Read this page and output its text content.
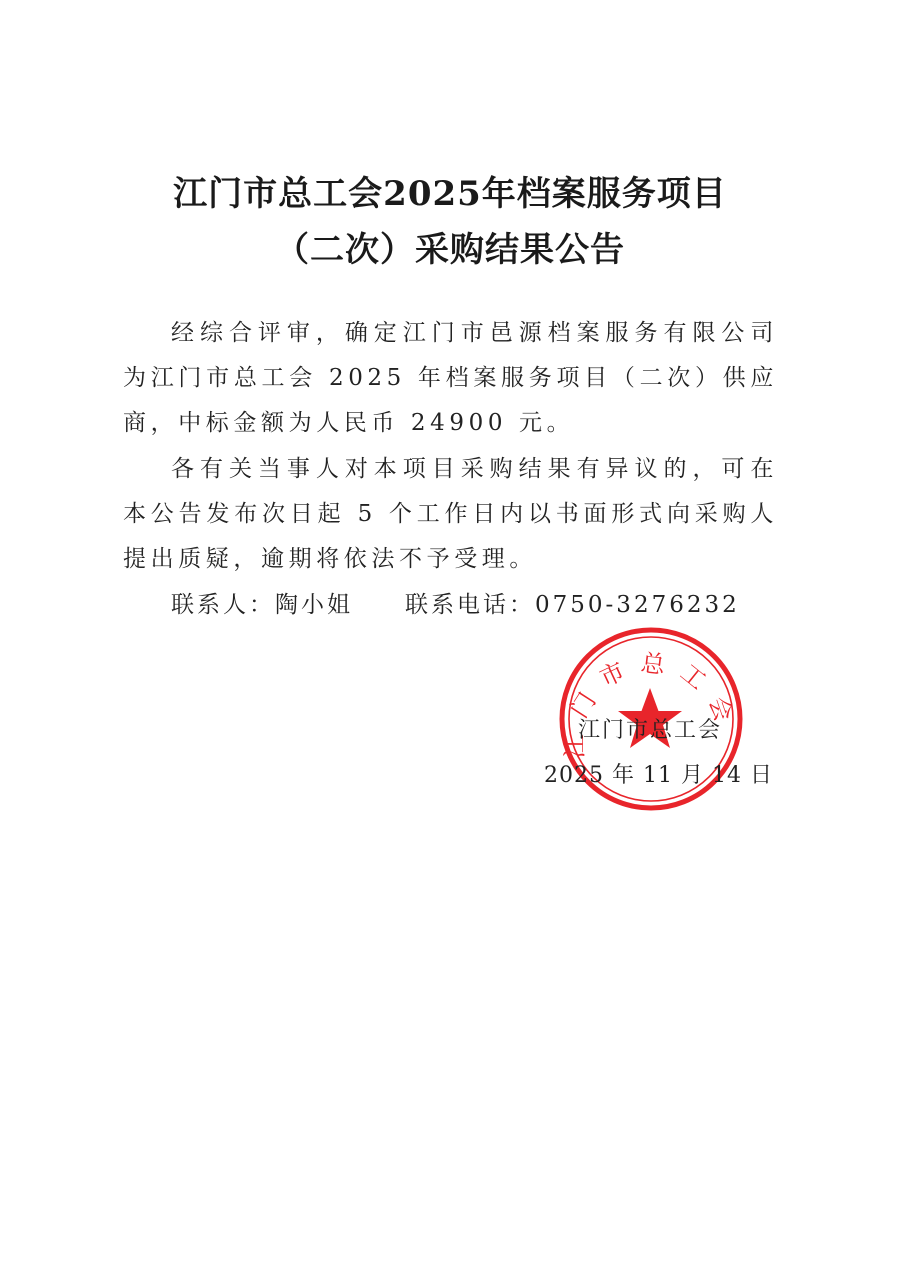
江门市总工会2025年档案服务项目
（二次）采购结果公告
经综合评审，确定江门市邑源档案服务有限公司为江门市总工会 2025 年档案服务项目（二次）供应商，中标金额为人民币 24900 元。
各有关当事人对本项目采购结果有异议的，可在本公告发布次日起 5 个工作日内以书面形式向采购人提出质疑，逾期将依法不予受理。
联系人：陶小姐 联系电话：0750-3276232
江门市总工会
江门市总工会
2025 年 11 月 14 日
